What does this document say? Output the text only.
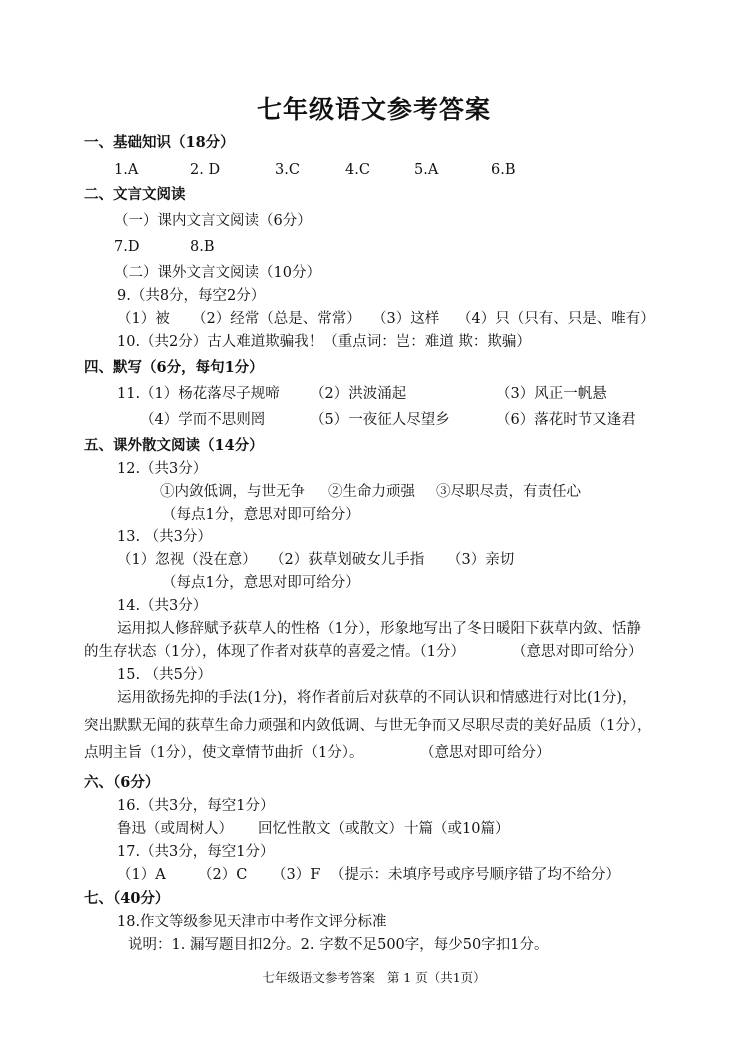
七年级语文参考答案
一、基础知识（18分）
1.A	2. D	3.C	4.C	5.A	6.B
二、文言文阅读
（一）课内文言文阅读（6分）
7.D	8.B
（二）课外文言文阅读（10分）
9.（共8分，每空2分）
（1）被 （2）经常（总是、常常） （3）这样 （4）只（只有、只是、唯有）
10.（共2分）古人难道欺骗我！（重点词：岂：难道 欺：欺骗）
四、默写（6分，每句1分）
11.（1）杨花落尽子规啼 （2）洪波涌起	（3）风正一帆悬
（4）学而不思则罔	（5）一夜征人尽望乡	（6）落花时节又逢君
五、课外散文阅读（14分）
12.（共3分）
①内敛低调，与世无争 ②生命力顽强 ③尽职尽责，有责任心
（每点1分，意思对即可给分）
13. （共3分）
（1）忽视（没在意） （2）荻草划破女儿手指 （3）亲切
（每点1分，意思对即可给分）
14.（共3分）
运用拟人修辞赋予荻草人的性格（1分），形象地写出了冬日暖阳下荻草内敛、恬静
的生存状态（1分），体现了作者对荻草的喜爱之情。（1分）	（意思对即可给分）
15. （共5分）
运用欲扬先抑的手法(1分)，将作者前后对荻草的不同认识和情感进行对比(1分)，
突出默默无闻的荻草生命力顽强和内敛低调、与世无争而又尽职尽责的美好品质（1分），
点明主旨（1分），使文章情节曲折（1分）。	（意思对即可给分）
六、（6分）
16.（共3分，每空1分）
鲁迅（或周树人） 回忆性散文（或散文） 十篇（或10篇）
17.（共3分，每空1分）
（1）A （2）C （3）F （提示：未填序号或序号顺序错了均不给分）
七、（40分）
18.作文等级参见天津市中考作文评分标准
说明：1. 漏写题目扣2分。2. 字数不足500字，每少50字扣1分。
七年级语文参考答案 第 1 页（共1页）
